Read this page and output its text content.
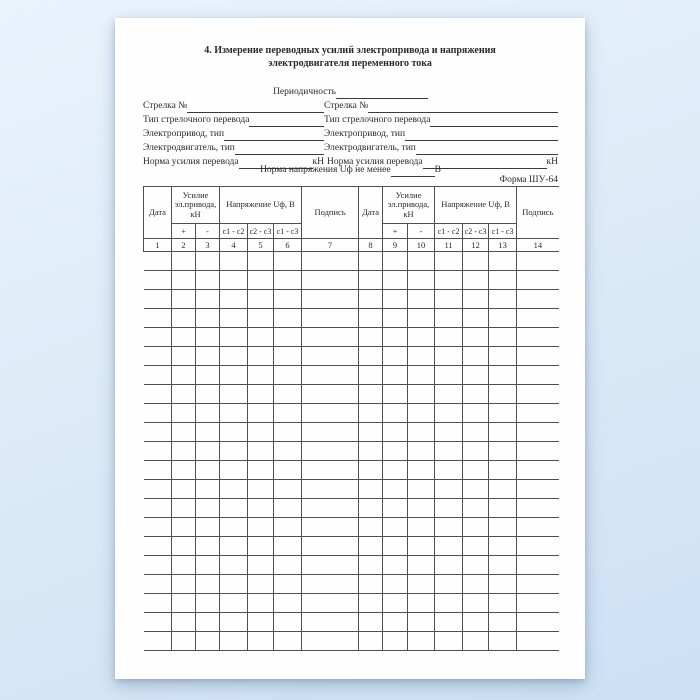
4. Измерение переводных усилий электропривода и напряжения
электродвигателя переменного тока
Периодичность
Стрелка №	Стрелка №
Тип стрелочного перевода	Тип стрелочного перевода
Электропривод, тип	Электропривод, тип
Электродвигатель, тип	Электродвигатель, тип
Норма усилия перевода	кН Норма усилия перевода	кН
Норма напряжения Uф не менее	В
Форма ШУ-64
Дата	Усилие эл.привода, кН		Напряжение Uф, В			Подпись	Дата	Усилие эл.привода, кН		Напряжение Uф, В			Подпись
	+	-	с1 - с2	с2 - с3	с1 - с3			+	-	с1 - с2	с2 - с3	с1 - с3	
1	2	3	4	5	6	7	8	9	10	11	12	13	14
